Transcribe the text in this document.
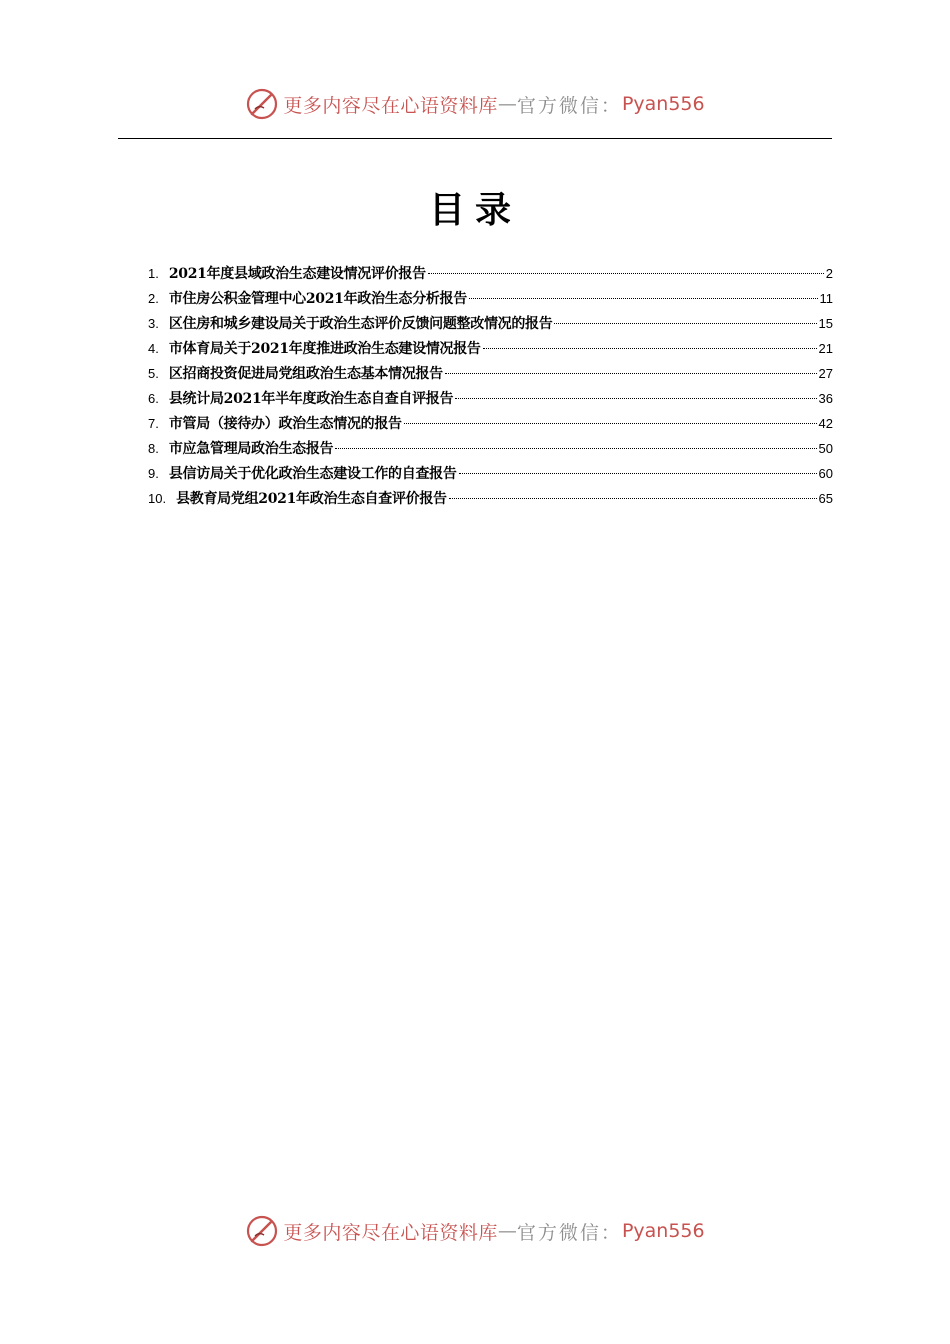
更多内容尽在心语资料库 — 官方微信： Pyan556
目录
1. 2021年度县域政治生态建设情况评价报告	2
2. 市住房公积金管理中心2021年政治生态分析报告	11
3. 区住房和城乡建设局关于政治生态评价反馈问题整改情况的报告	15
4. 市体育局关于2021年度推进政治生态建设情况报告	21
5. 区招商投资促进局党组政治生态基本情况报告	27
6. 县统计局2021年半年度政治生态自查自评报告	36
7. 市管局（接待办）政治生态情况的报告	42
8. 市应急管理局政治生态报告	50
9. 县信访局关于优化政治生态建设工作的自查报告	60
10. 县教育局党组2021年政治生态自查评价报告	65
更多内容尽在心语资料库 — 官方微信： Pyan556
